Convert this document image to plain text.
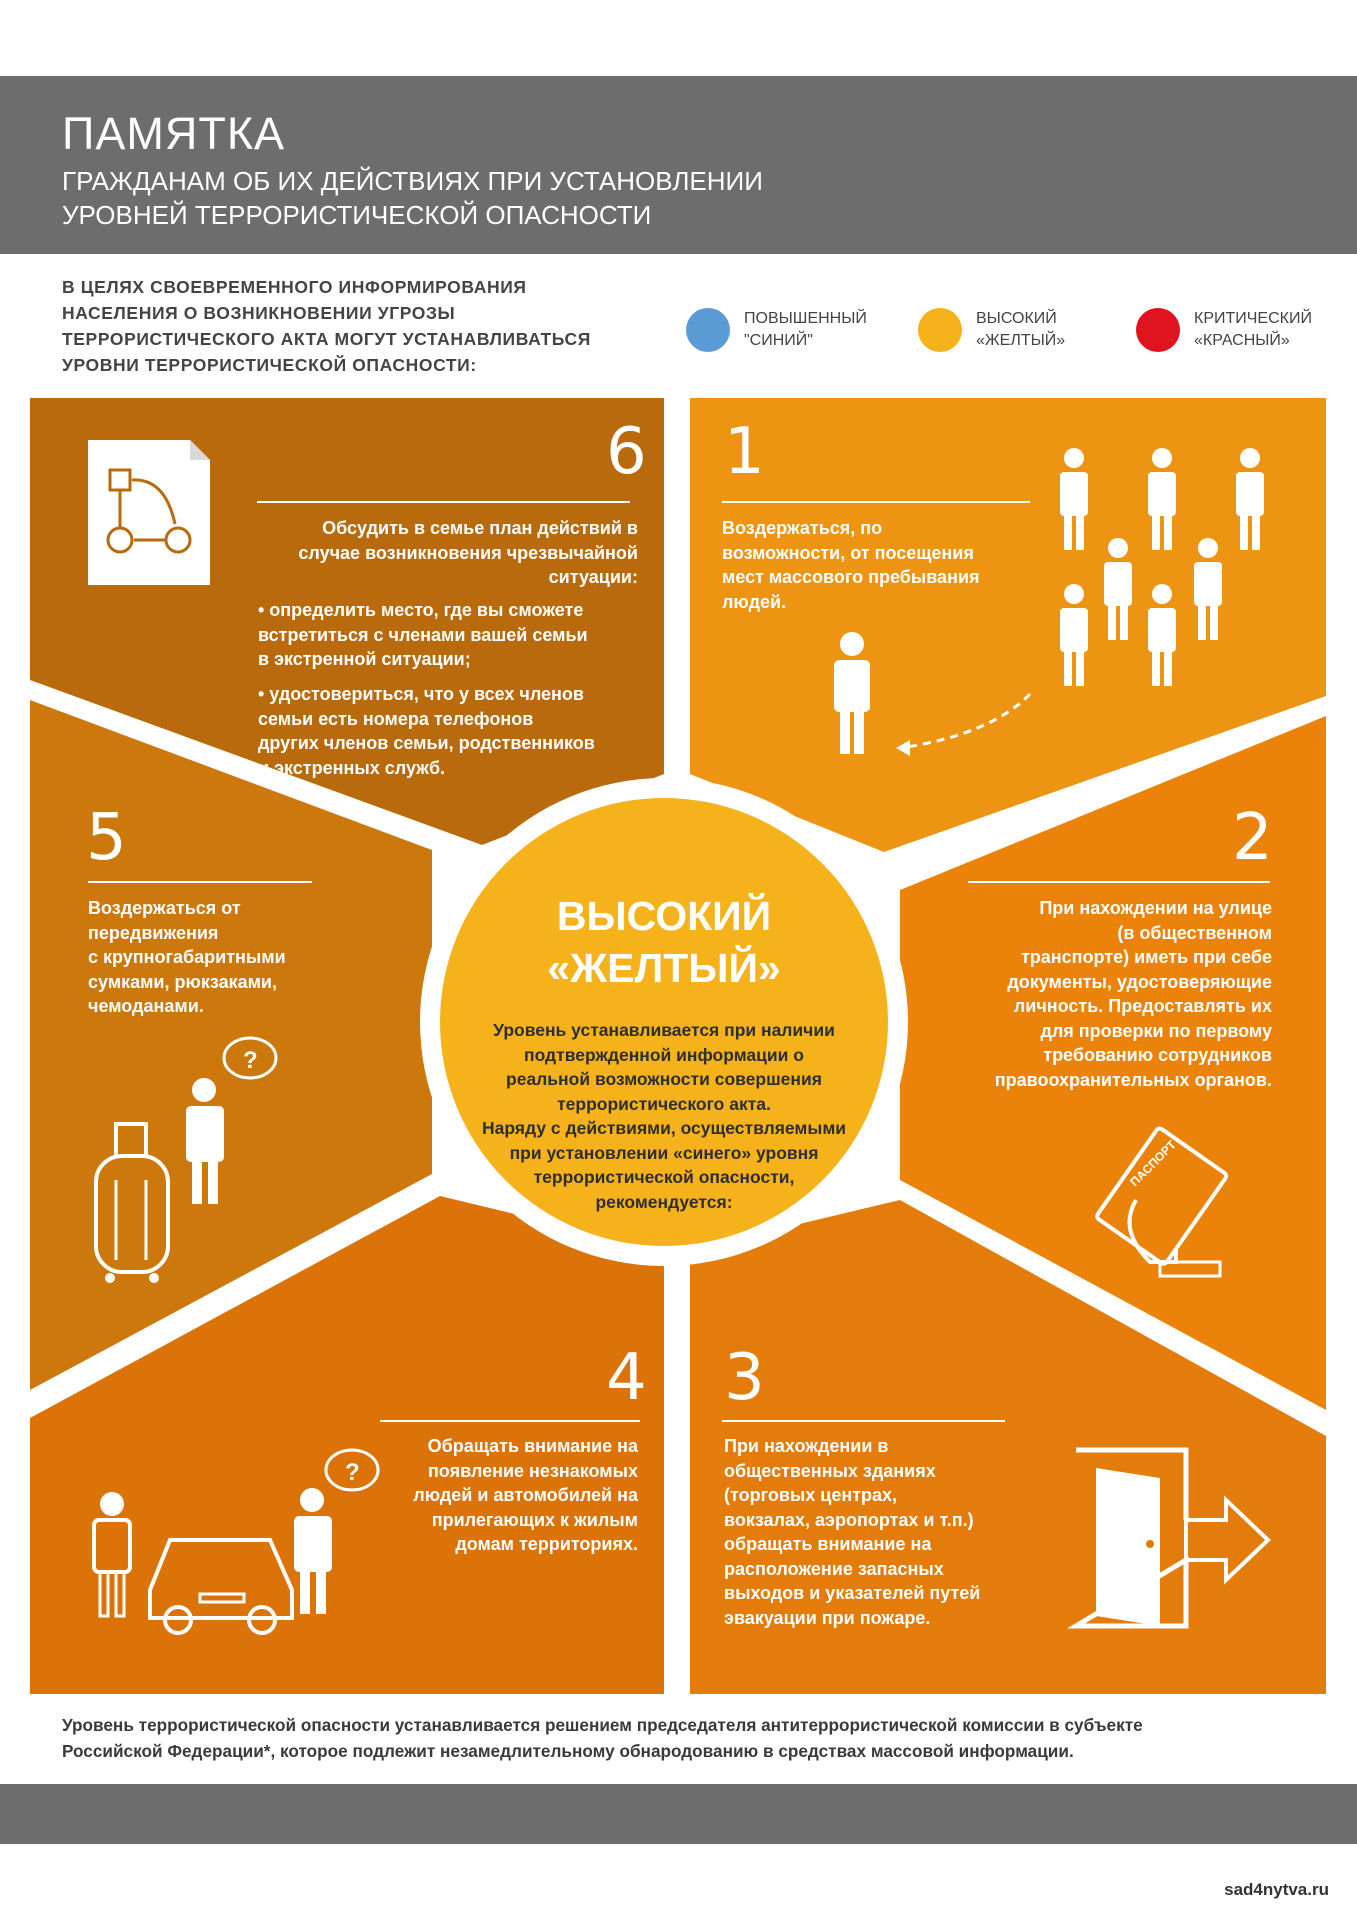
ПАМЯТКА
ГРАЖДАНАМ ОБ ИХ ДЕЙСТВИЯХ ПРИ УСТАНОВЛЕНИИ
УРОВНЕЙ ТЕРРОРИСТИЧЕСКОЙ ОПАСНОСТИ
В ЦЕЛЯХ СВОЕВРЕМЕННОГО ИНФОРМИРОВАНИЯ
НАСЕЛЕНИЯ О ВОЗНИКНОВЕНИИ УГРОЗЫ
ТЕРРОРИСТИЧЕСКОГО АКТА МОГУТ УСТАНАВЛИВАТЬСЯ
УРОВНИ ТЕРРОРИСТИЧЕСКОЙ ОПАСНОСТИ:
ПОВЫШЕННЫЙ
"СИНИЙ"
ВЫСОКИЙ
«ЖЕЛТЫЙ»
КРИТИЧЕСКИЙ
«КРАСНЫЙ»
?
ПАСПОРТ
?
6 1
5	2
4 3
Обсудить в семье план действий в
случае возникновения чрезвычайной
ситуации:
• определить место, где вы сможете
встретиться с членами вашей семьи
в экстренной ситуации;
• удостовериться, что у всех членов
семьи есть номера телефонов
других членов семьи, родственников
и экстренных служб.
Воздержаться, по
возможности, от посещения
мест массового пребывания
людей.
Воздержаться от
передвижения
с крупногабаритными
сумками, рюкзаками,
чемоданами.
При нахождении на улице
(в общественном
транспорте) иметь при себе
документы, удостоверяющие
личность. Предоставлять их
для проверки по первому
требованию сотрудников
правоохранительных органов.
Обращать внимание на
появление незнакомых
людей и автомобилей на
прилегающих к жилым
домам территориях.
При нахождении в
общественных зданиях
(торговых центрах,
вокзалах, аэропортах и т.п.)
обращать внимание на
расположение запасных
выходов и указателей путей
эвакуации при пожаре.
ВЫСОКИЙ
«ЖЕЛТЫЙ»
Уровень устанавливается при наличии
подтвержденной информации о
реальной возможности совершения
террористического акта.
Наряду с действиями, осуществляемыми
при установлении «синего» уровня
террористической опасности,
рекомендуется:
Уровень террористической опасности устанавливается решением председателя антитеррористической комиссии в субъекте
Российской Федерации*, которое подлежит незамедлительному обнародованию в средствах массовой информации.
sad4nytva.ru
